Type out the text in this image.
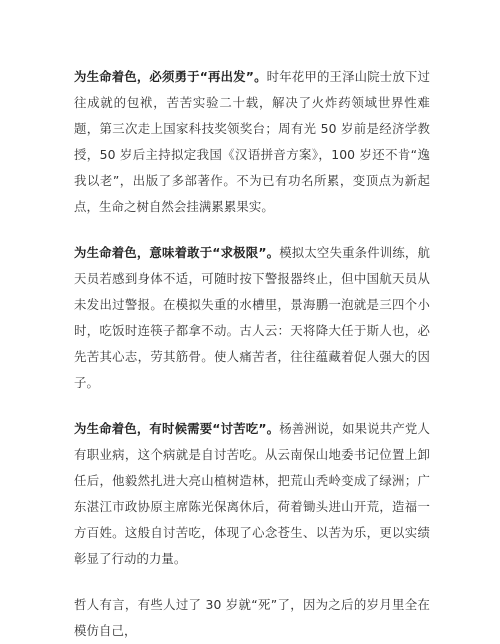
为生命着色，必须勇于“再出发”。时年花甲的王泽山院士放下过往成就的包袱，苦苦实验二十载，解决了火炸药领域世界性难题，第三次走上国家科技奖领奖台；周有光 50 岁前是经济学教授，50 岁后主持拟定我国《汉语拼音方案》，100 岁还不肯“逸我以老”，出版了多部著作。不为已有功名所累，变顶点为新起点，生命之树自然会挂满累累果实。

为生命着色，意味着敢于“求极限”。模拟太空失重条件训练，航天员若感到身体不适，可随时按下警报器终止，但中国航天员从未发出过警报。在模拟失重的水槽里，景海鹏一泡就是三四个小时，吃饭时连筷子都拿不动。古人云：天将降大任于斯人也，必先苦其心志，劳其筋骨。使人痛苦者，往往蕴藏着促人强大的因子。

为生命着色，有时候需要“讨苦吃”。杨善洲说，如果说共产党人有职业病，这个病就是自讨苦吃。从云南保山地委书记位置上卸任后，他毅然扎进大亮山植树造林，把荒山秃岭变成了绿洲；广东湛江市政协原主席陈光保离休后，荷着锄头进山开荒，造福一方百姓。这般自讨苦吃，体现了心念苍生、以苦为乐，更以实绩彰显了行动的力量。

哲人有言，有些人过了 30 岁就“死”了，因为之后的岁月里全在模仿自己，
